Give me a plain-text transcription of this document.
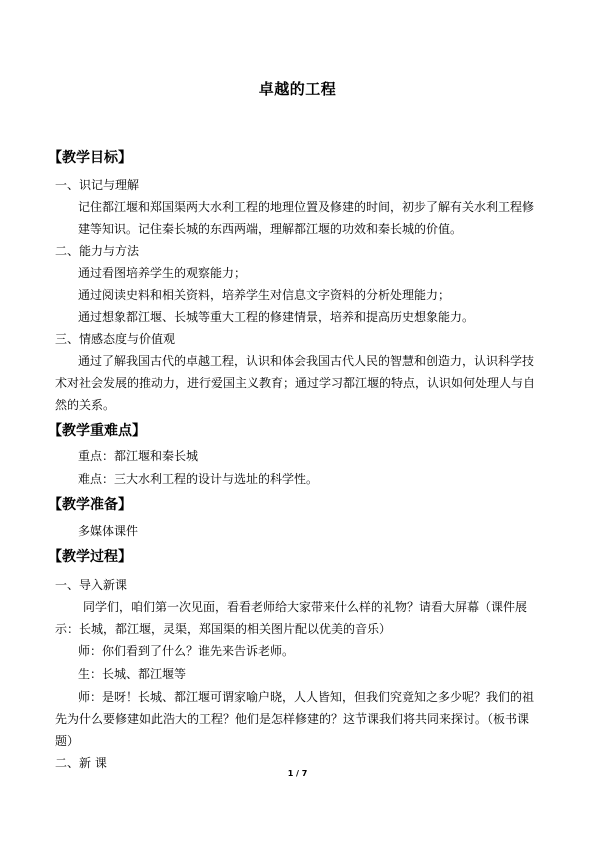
卓越的工程
【教学目标】
一、识记与理解
记住都江堰和郑国渠两大水利工程的地理位置及修建的时间，初步了解有关水利工程修
建等知识。记住秦长城的东西两端，理解都江堰的功效和秦长城的价值。
二、能力与方法
通过看图培养学生的观察能力；
通过阅读史料和相关资料，培养学生对信息文字资料的分析处理能力；
通过想象都江堰、长城等重大工程的修建情景，培养和提高历史想象能力。
三、情感态度与价值观
通过了解我国古代的卓越工程，认识和体会我国古代人民的智慧和创造力，认识科学技
术对社会发展的推动力，进行爱国主义教育；通过学习都江堰的特点，认识如何处理人与自
然的关系。
【教学重难点】
重点：都江堰和秦长城
难点：三大水利工程的设计与选址的科学性。
【教学准备】
多媒体课件
【教学过程】
一、导入新课
同学们，咱们第一次见面，看看老师给大家带来什么样的礼物？请看大屏幕（课件展
示：长城，都江堰，灵渠，郑国渠的相关图片配以优美的音乐）
师：你们看到了什么？谁先来告诉老师。
生：长城、都江堰等
师：是呀！长城、都江堰可谓家喻户晓，人人皆知，但我们究竟知之多少呢？我们的祖
先为什么要修建如此浩大的工程？他们是怎样修建的？这节课我们将共同来探讨。（板书课
题）
二、新 课
1 / 7
